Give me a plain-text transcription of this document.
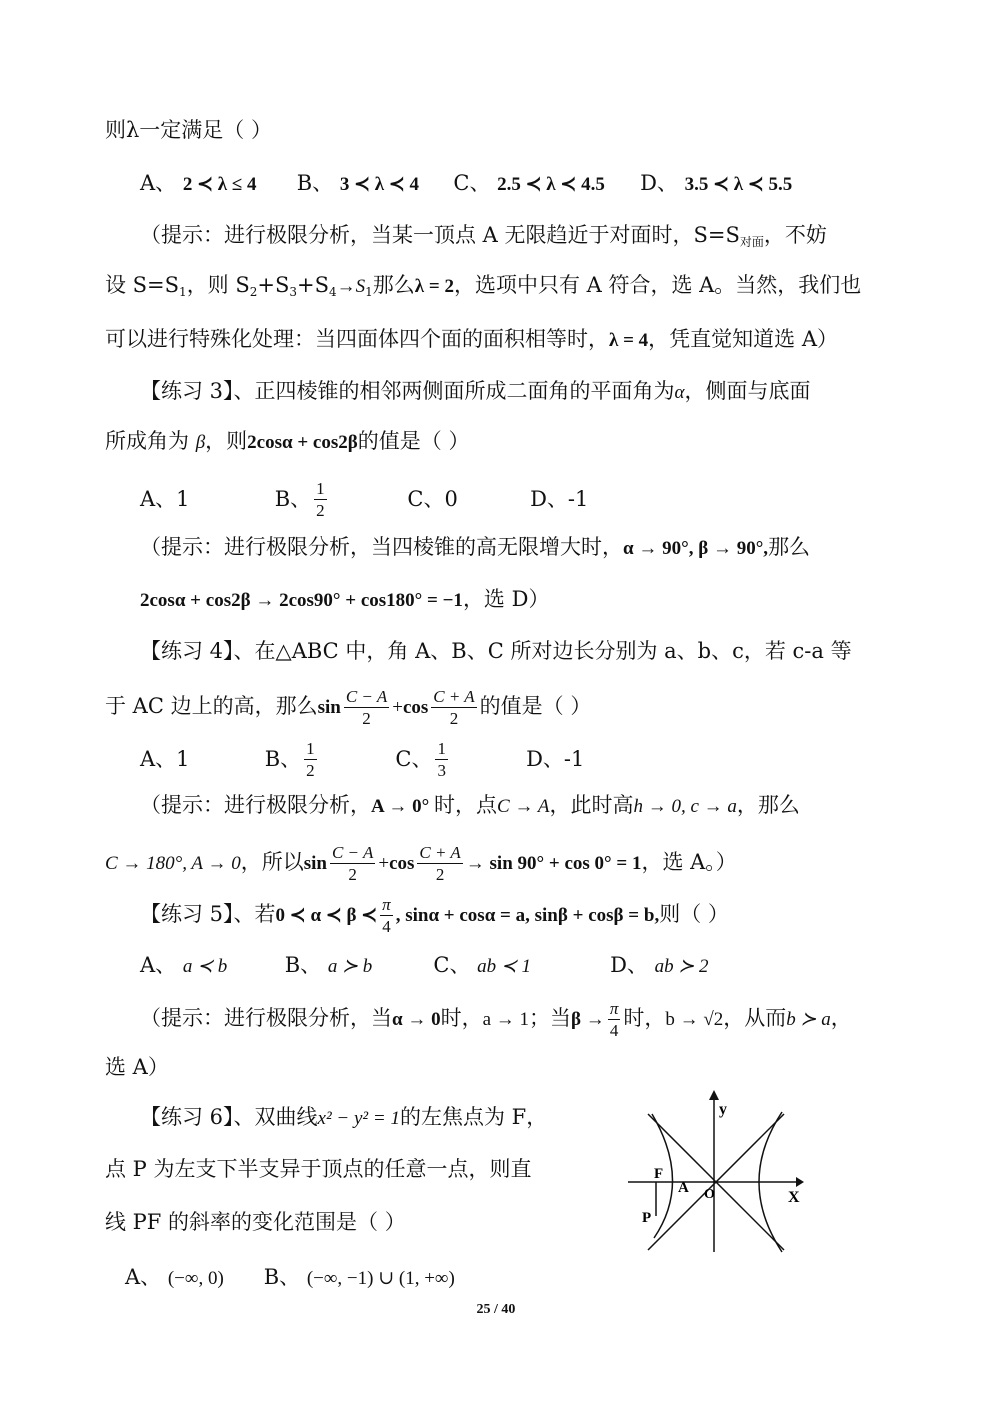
则λ一定满足（ ）
A、 2 ≺ λ ≤ 4 B、 3 ≺ λ ≺ 4 C、 2.5 ≺ λ ≺ 4.5 D、 3.5 ≺ λ ≺ 5.5
（提示：进行极限分析，当某一顶点 A 无限趋近于对面时，$S=S_{对面}$，不妨
设 $S=S_1$，则 $S_2+S_3+S_4\to S_1$那么λ = 2，选项中只有 A 符合，选 A。当然，我们也
可以进行特殊化处理：当四面体四个面的面积相等时，λ = 4，凭直觉知道选 A）
【练习 3】、正四棱锥的相邻两侧面所成二面角的平面角为α，侧面与底面
所成角为 β，则2cosα + cos2β的值是（ ）
A、1	B、 $\frac{1}{2}$	C、0	D、-1
（提示：进行极限分析，当四棱锥的高无限增大时，α → 90°, β → 90°,那么
2cosα + cos2β → 2cos90° + cos180° = −1，选 D）
【练习 4】、在△ABC 中，角 A、B、C 所对边长分别为 a、b、c，若 c-a 等
于 AC 边上的高，那么$\sin \frac{C - A}{2} +\cos \frac{C + A}{2}$ 的值是（ ）
A、1	B、 $\frac{1}{2}$	C、 $\frac{1}{3}$	D、-1
（提示：进行极限分析，A → 0° 时，点C → A，此时高h → 0, c → a，那么
C → 180°, A → 0，所以$\sin \frac{C - A}{2} +\cos \frac{C + A}{2} \to \sin 90^\circ + \cos 0^\circ = 1$，选 A。）
【练习 5】、若0 ≺ α ≺ β ≺ $\frac{\pi}{4}$ , sinα + cosα = a, sinβ + cosβ = b,则（ ）
A、 a ≺ b	B、 a ≻ b	C、 ab ≺ 1	D、 ab ≻ 2
（提示：进行极限分析，当α → 0时，a → 1；当$\beta \to \frac{\pi}{4}$ 时，b → √2，从而b ≻ a，
选 A）
【练习 6】、双曲线x² − y² = 1的左焦点为 F，
点 P 为左支下半支异于顶点的任意一点，则直
线 PF 的斜率的变化范围是（ ）
A、 (−∞, 0) B、 (−∞, −1) ∪ (1, +∞)
y
X
F
A O
P
25 / 40
